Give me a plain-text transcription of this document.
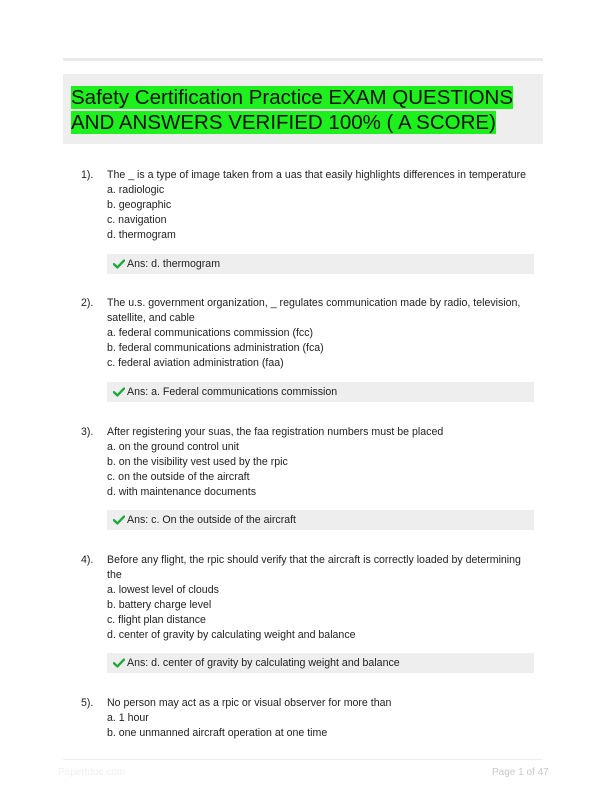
Safety Certification Practice EXAM QUESTIONS AND ANSWERS VERIFIED 100% ( A SCORE)
1).	The _ is a type of image taken from a uas that easily highlights differences in temperature
a. radiologic
b. geographic
c. navigation
d. thermogram
Ans: d. thermogram
2).	The u.s. government organization, _ regulates communication made by radio, television, satellite, and cable
a. federal communications commission (fcc)
b. federal communications administration (fca)
c. federal aviation administration (faa)
Ans: a. Federal communications commission
3).	After registering your suas, the faa registration numbers must be placed
a. on the ground control unit
b. on the visibility vest used by the rpic
c. on the outside of the aircraft
d. with maintenance documents
Ans: c. On the outside of the aircraft
4).	Before any flight, the rpic should verify that the aircraft is correctly loaded by determining the
a. lowest level of clouds
b. battery charge level
c. flight plan distance
d. center of gravity by calculating weight and balance
Ans: d. center of gravity by calculating weight and balance
5).	No person may act as a rpic or visual observer for more than
a. 1 hour
b. one unmanned aircraft operation at one time
Papertdoc.com	Page 1 of 47
